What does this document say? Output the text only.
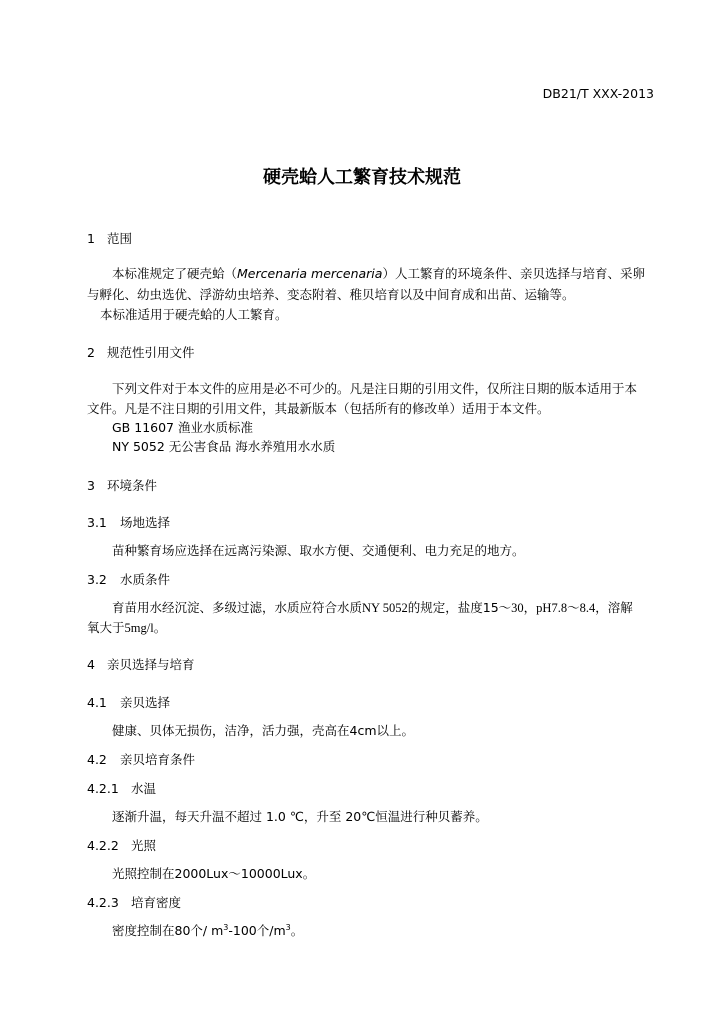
DB21/T XXX-2013
硬壳蛤人工繁育技术规范
1 范围
本标准规定了硬壳蛤（Mercenaria mercenaria）人工繁育的环境条件、亲贝选择与培育、采卵
与孵化、幼虫选优、浮游幼虫培养、变态附着、稚贝培育以及中间育成和出苗、运输等。
本标准适用于硬壳蛤的人工繁育。
2 规范性引用文件
下列文件对于本文件的应用是必不可少的。凡是注日期的引用文件，仅所注日期的版本适用于本
文件。凡是不注日期的引用文件，其最新版本（包括所有的修改单）适用于本文件。
GB 11607 渔业水质标准
NY 5052 无公害食品 海水养殖用水水质
3 环境条件
3.1 场地选择
苗种繁育场应选择在远离污染源、取水方便、交通便利、电力充足的地方。
3.2 水质条件
育苗用水经沉淀、多级过滤，水质应符合水质NY 5052的规定，盐度15～30，pH7.8～8.4，溶解
氧大于5mg/l。
4 亲贝选择与培育
4.1 亲贝选择
健康、贝体无损伤，洁净，活力强，壳高在4cm以上。
4.2 亲贝培育条件
4.2.1 水温
逐渐升温，每天升温不超过 1.0 ℃，升至 20℃恒温进行种贝蓄养。
4.2.2 光照
光照控制在2000Lux～10000Lux。
4.2.3 培育密度
密度控制在80个/ $m^3-100$个$/m^3$。
